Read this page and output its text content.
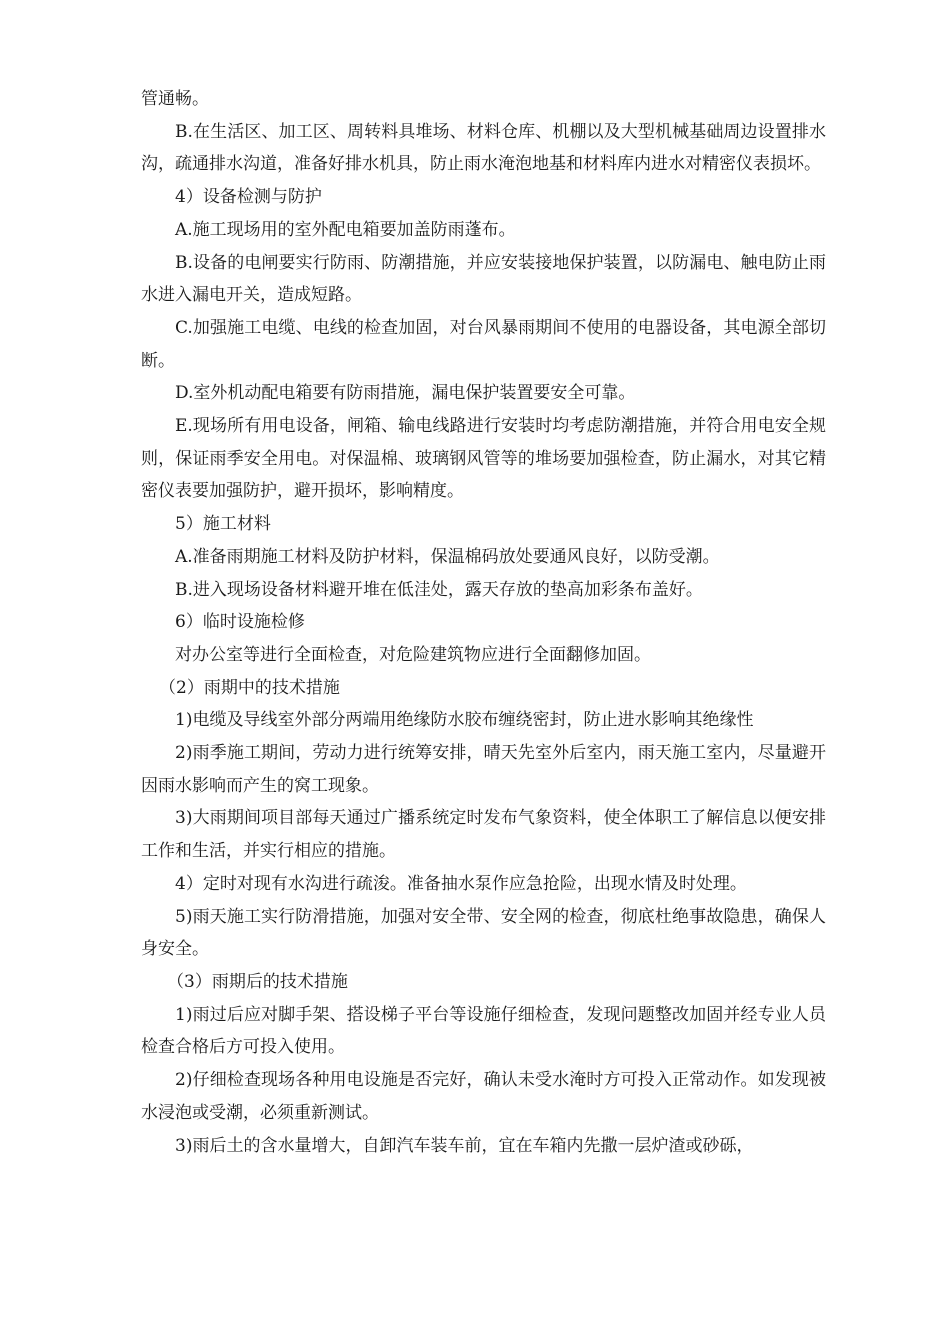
管通畅。

B.在生活区、加工区、周转料具堆场、材料仓库、机棚以及大型机械基础周边设置排水沟，疏通排水沟道，准备好排水机具，防止雨水淹泡地基和材料库内进水对精密仪表损坏。

4）设备检测与防护

A.施工现场用的室外配电箱要加盖防雨蓬布。

B.设备的电闸要实行防雨、防潮措施，并应安装接地保护装置，以防漏电、触电防止雨水进入漏电开关，造成短路。

C.加强施工电缆、电线的检查加固，对台风暴雨期间不使用的电器设备，其电源全部切断。

D.室外机动配电箱要有防雨措施，漏电保护装置要安全可靠。

E.现场所有用电设备，闸箱、输电线路进行安装时均考虑防潮措施，并符合用电安全规则，保证雨季安全用电。对保温棉、玻璃钢风管等的堆场要加强检查，防止漏水，对其它精密仪表要加强防护，避开损坏，影响精度。

5）施工材料

A.准备雨期施工材料及防护材料，保温棉码放处要通风良好，以防受潮。

B.进入现场设备材料避开堆在低洼处，露天存放的垫高加彩条布盖好。

6）临时设施检修

对办公室等进行全面检查，对危险建筑物应进行全面翻修加固。

（2）雨期中的技术措施

1)电缆及导线室外部分两端用绝缘防水胶布缠绕密封，防止进水影响其绝缘性

2)雨季施工期间，劳动力进行统筹安排，晴天先室外后室内，雨天施工室内，尽量避开因雨水影响而产生的窝工现象。

3)大雨期间项目部每天通过广播系统定时发布气象资料，使全体职工了解信息以便安排工作和生活，并实行相应的措施。

4）定时对现有水沟进行疏浚。准备抽水泵作应急抢险，出现水情及时处理。

5)雨天施工实行防滑措施，加强对安全带、安全网的检查，彻底杜绝事故隐患，确保人身安全。

（3）雨期后的技术措施

1)雨过后应对脚手架、搭设梯子平台等设施仔细检查，发现问题整改加固并经专业人员检查合格后方可投入使用。

2)仔细检查现场各种用电设施是否完好，确认未受水淹时方可投入正常动作。如发现被水浸泡或受潮，必须重新测试。

3)雨后土的含水量增大，自卸汽车装车前，宜在车箱内先撒一层炉渣或砂砾，
